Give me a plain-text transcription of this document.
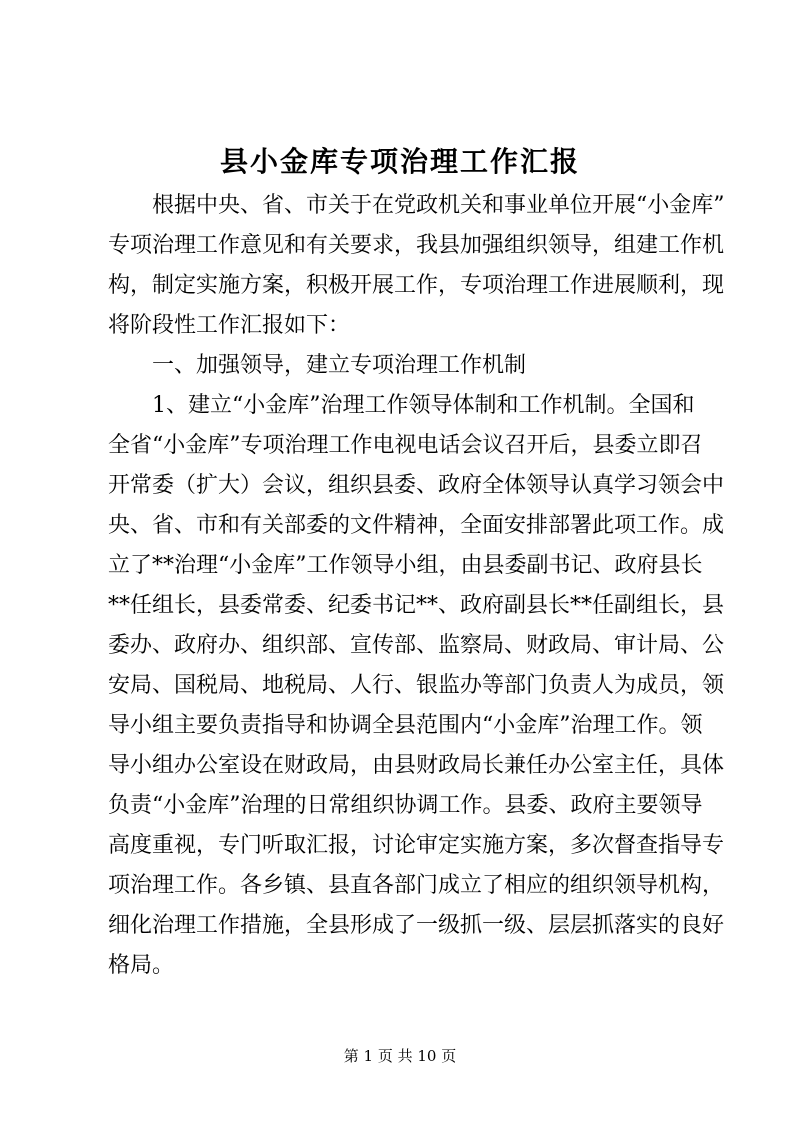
县小金库专项治理工作汇报

根据中央、省、市关于在党政机关和事业单位开展“小金库”
专项治理工作意见和有关要求，我县加强组织领导，组建工作机
构，制定实施方案，积极开展工作，专项治理工作进展顺利，现
将阶段性工作汇报如下：

一、加强领导，建立专项治理工作机制

1、建立“小金库”治理工作领导体制和工作机制。全国和
全省“小金库”专项治理工作电视电话会议召开后，县委立即召
开常委（扩大）会议，组织县委、政府全体领导认真学习领会中
央、省、市和有关部委的文件精神，全面安排部署此项工作。成
立了**治理“小金库”工作领导小组，由县委副书记、政府县长
**任组长，县委常委、纪委书记**、政府副县长**任副组长，县
委办、政府办、组织部、宣传部、监察局、财政局、审计局、公
安局、国税局、地税局、人行、银监办等部门负责人为成员，领
导小组主要负责指导和协调全县范围内“小金库”治理工作。领
导小组办公室设在财政局，由县财政局长兼任办公室主任，具体
负责“小金库”治理的日常组织协调工作。县委、政府主要领导
高度重视，专门听取汇报，讨论审定实施方案，多次督查指导专
项治理工作。各乡镇、县直各部门成立了相应的组织领导机构，
细化治理工作措施，全县形成了一级抓一级、层层抓落实的良好
格局。

第 1 页 共 10 页
